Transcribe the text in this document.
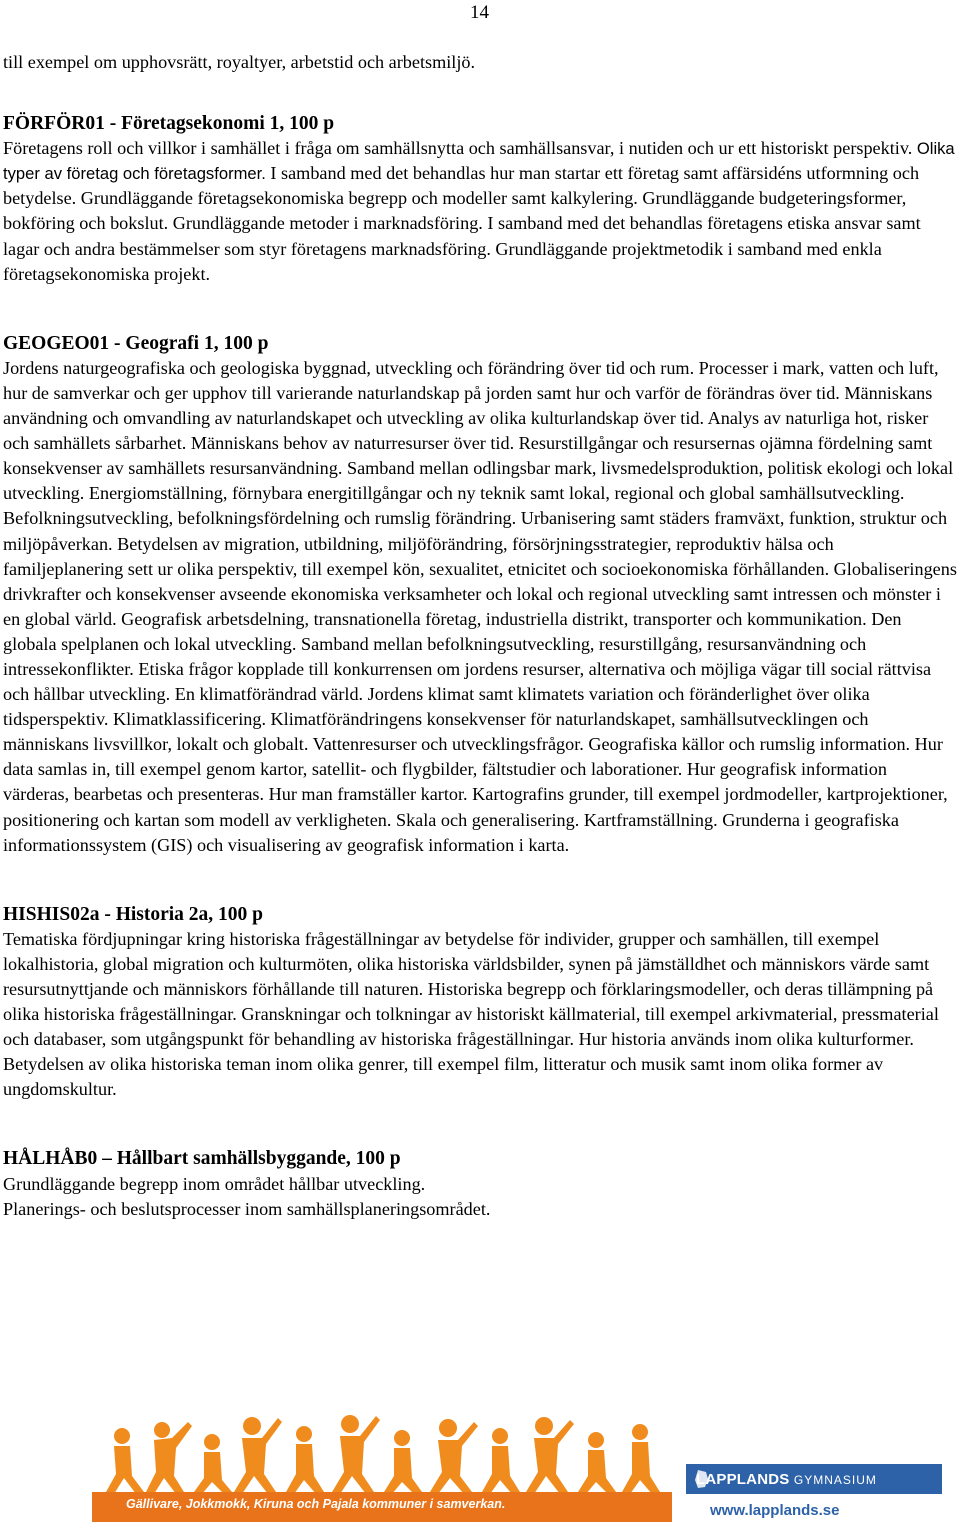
14

till exempel om upphovsrätt, royaltyer, arbetstid och arbetsmiljö.

FÖRFÖR01 - Företagsekonomi 1, 100 p

Företagens roll och villkor i samhället i fråga om samhällsnytta och samhällsansvar, i nutiden och ur ett historiskt perspektiv. Olika typer av företag och företagsformer. I samband med det behandlas hur man startar ett företag samt affärsidéns utformning och betydelse. Grundläggande företagsekonomiska begrepp och modeller samt kalkylering. Grundläggande budgeteringsformer, bokföring och bokslut. Grundläggande metoder i marknadsföring. I samband med det behandlas företagens etiska ansvar samt lagar och andra bestämmelser som styr företagens marknadsföring. Grundläggande projektmetodik i samband med enkla företagsekonomiska projekt.

GEOGEO01 - Geografi 1, 100 p

Jordens naturgeografiska och geologiska byggnad, utveckling och förändring över tid och rum. Processer i mark, vatten och luft, hur de samverkar och ger upphov till varierande naturlandskap på jorden samt hur och varför de förändras över tid. Människans användning och omvandling av naturlandskapet och utveckling av olika kulturlandskap över tid. Analys av naturliga hot, risker och samhällets sårbarhet. Människans behov av naturresurser över tid. Resurstillgångar och resursernas ojämna fördelning samt konsekvenser av samhällets resursanvändning. Samband mellan odlingsbar mark, livsmedelsproduktion, politisk ekologi och lokal utveckling. Energiomställning, förnybara energitillgångar och ny teknik samt lokal, regional och global samhällsutveckling. Befolkningsutveckling, befolkningsfördelning och rumslig förändring. Urbanisering samt städers framväxt, funktion, struktur och miljöpåverkan. Betydelsen av migration, utbildning, miljöförändring, försörjningsstrategier, reproduktiv hälsa och familjeplanering sett ur olika perspektiv, till exempel kön, sexualitet, etnicitet och socioekonomiska förhållanden. Globaliseringens drivkrafter och konsekvenser avseende ekonomiska verksamheter och lokal och regional utveckling samt intressen och mönster i en global värld. Geografisk arbetsdelning, transnationella företag, industriella distrikt, transporter och kommunikation. Den globala spelplanen och lokal utveckling. Samband mellan befolkningsutveckling, resurstillgång, resursanvändning och intressekonflikter. Etiska frågor kopplade till konkurrensen om jordens resurser, alternativa och möjliga vägar till social rättvisa och hållbar utveckling. En klimatförändrad värld. Jordens klimat samt klimatets variation och föränderlighet över olika tidsperspektiv. Klimatklassificering. Klimatförändringens konsekvenser för naturlandskapet, samhällsutvecklingen och människans livsvillkor, lokalt och globalt. Vattenresurser och utvecklingsfrågor. Geografiska källor och rumslig information. Hur data samlas in, till exempel genom kartor, satellit- och flygbilder, fältstudier och laborationer. Hur geografisk information värderas, bearbetas och presenteras. Hur man framställer kartor. Kartografins grunder, till exempel jordmodeller, kartprojektioner, positionering och kartan som modell av verkligheten. Skala och generalisering. Kartframställning. Grunderna i geografiska informationssystem (GIS) och visualisering av geografisk information i karta.

HISHIS02a - Historia 2a, 100 p

Tematiska fördjupningar kring historiska frågeställningar av betydelse för individer, grupper och samhällen, till exempel lokalhistoria, global migration och kulturmöten, olika historiska världsbilder, synen på jämställdhet och människors värde samt resursutnyttjande och människors förhållande till naturen. Historiska begrepp och förklaringsmodeller, och deras tillämpning på olika historiska frågeställningar. Granskningar och tolkningar av historiskt källmaterial, till exempel arkivmaterial, pressmaterial och databaser, som utgångspunkt för behandling av historiska frågeställningar. Hur historia används inom olika kulturformer. Betydelsen av olika historiska teman inom olika genrer, till exempel film, litteratur och musik samt inom olika former av ungdomskultur.

HÅLHÅB0 – Hållbart samhällsbyggande, 100 p

Grundläggande begrepp inom området hållbar utveckling.

Planerings- och beslutsprocesser inom samhällsplaneringsområdet.

Gällivare, Jokkmokk, Kiruna och Pajala kommuner i samverkan.
LAPPLANDS GYMNASIUM
www.lapplands.se
